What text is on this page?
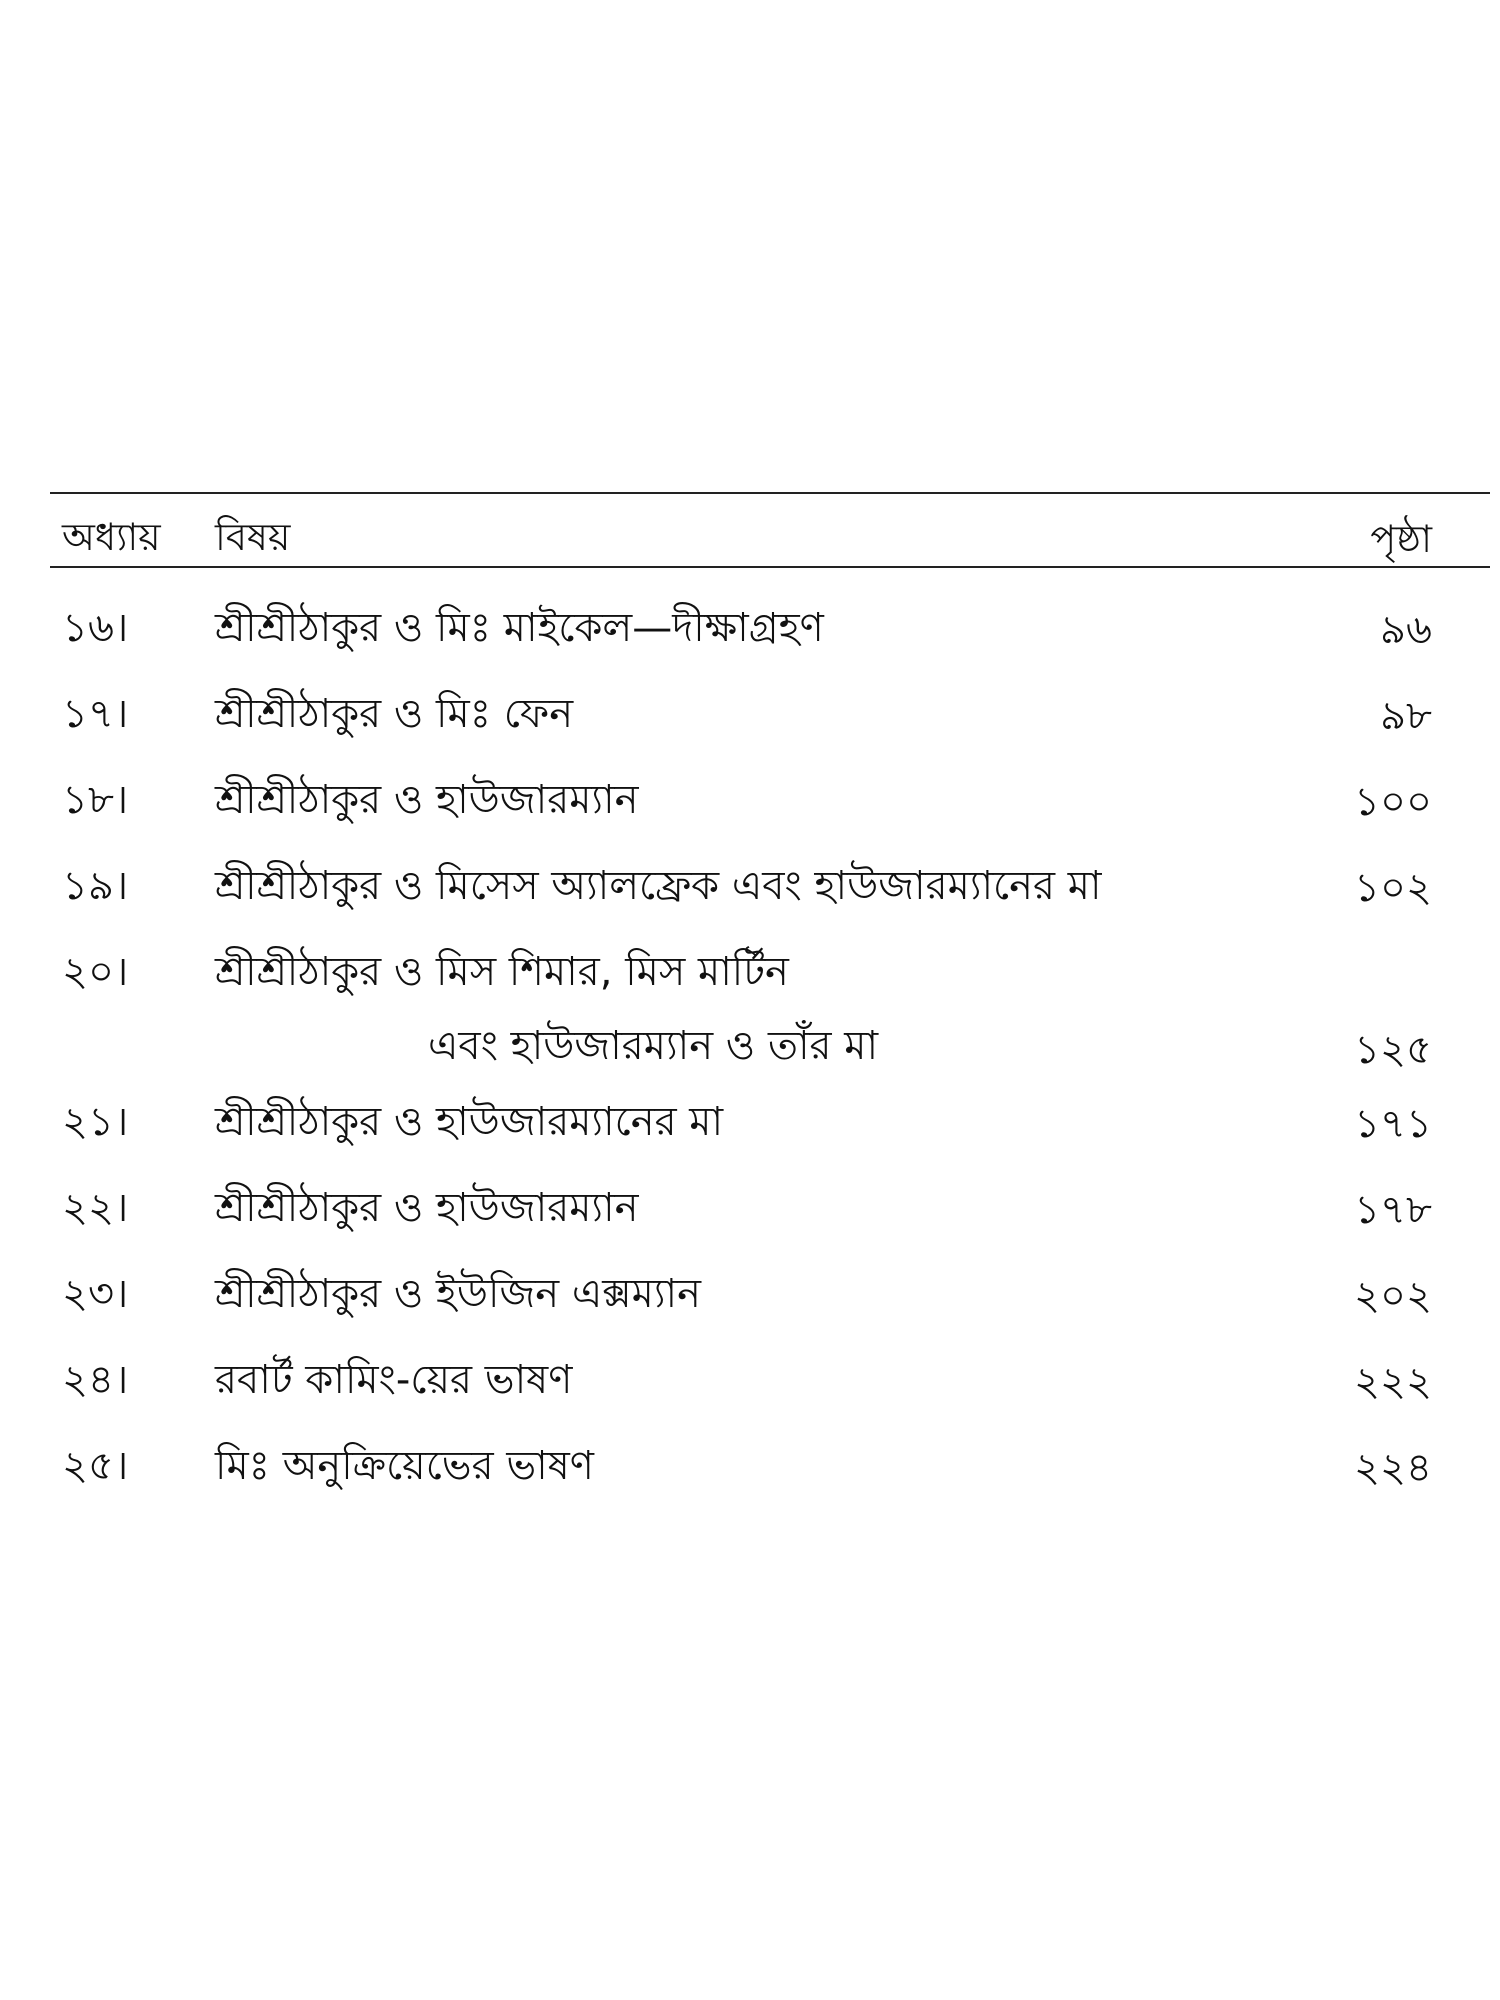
অধ্যায় বিষয়	পৃষ্ঠা
১৬। শ্রীশ্রীঠাকুর ও মিঃ মাইকেল—দীক্ষাগ্রহণ	৯৬
১৭। শ্রীশ্রীঠাকুর ও মিঃ ফেন	৯৮
১৮। শ্রীশ্রীঠাকুর ও হাউজারম্যান	১০০
১৯। শ্রীশ্রীঠাকুর ও মিসেস অ্যালফ্রেক এবং হাউজারম্যানের মা	১০২
২০। শ্রীশ্রীঠাকুর ও মিস শিমার, মিস মার্টিন
এবং হাউজারম্যান ও তাঁর মা	১২৫
২১। শ্রীশ্রীঠাকুর ও হাউজারম্যানের মা	১৭১
২২। শ্রীশ্রীঠাকুর ও হাউজারম্যান	১৭৮
২৩। শ্রীশ্রীঠাকুর ও ইউজিন এক্সম্যান	২০২
২৪। রবার্ট কামিং-য়ের ভাষণ	২২২
২৫। মিঃ অনুক্রিয়েভের ভাষণ	২২৪
